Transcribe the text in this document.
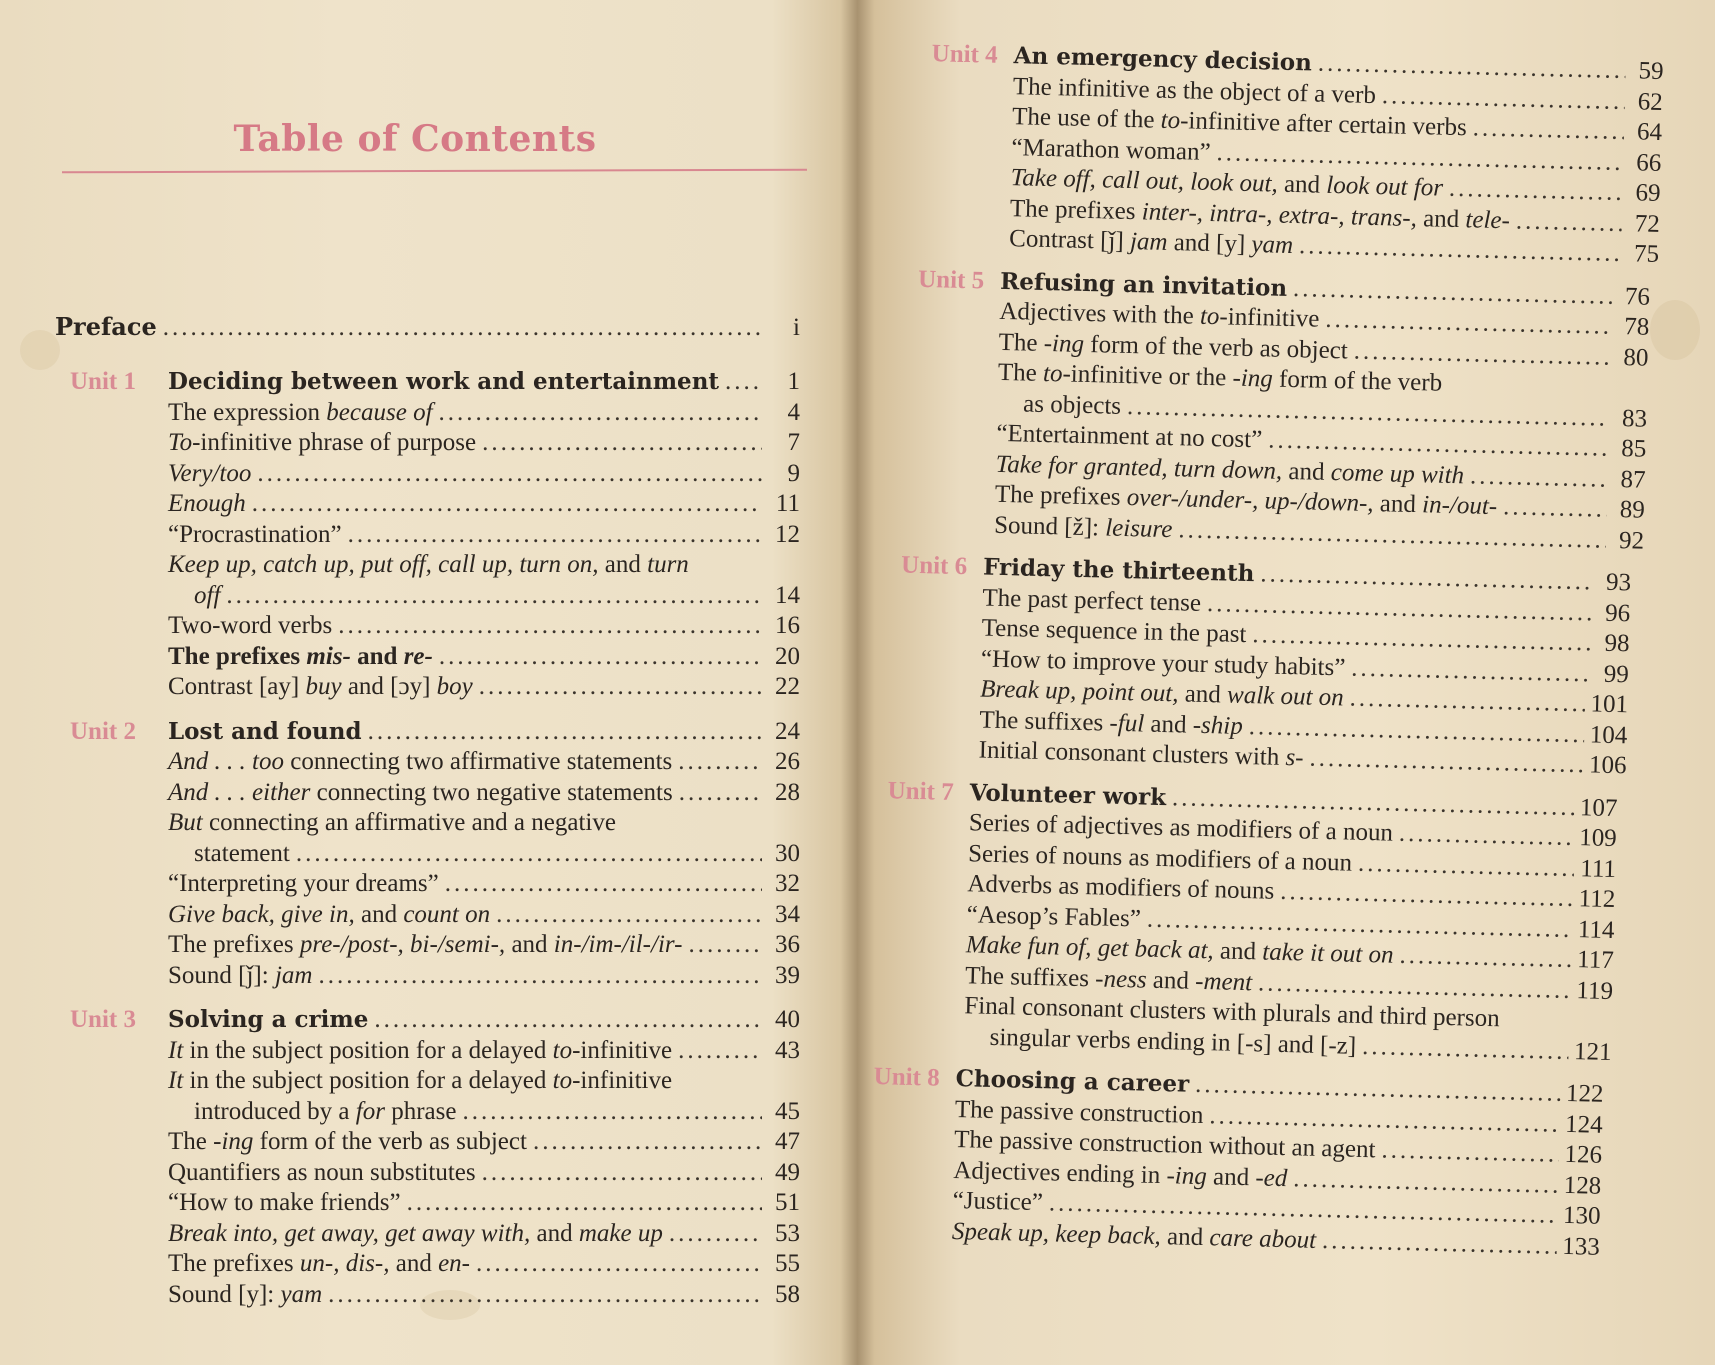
Table of Contents
Preface .....	i
Unit 1 Deciding between work and entertainment .....	1
The expression because of .....	4
To-infinitive phrase of purpose .....	7
Very/too .....	9
Enough .....	11
“Procrastination” .....	12
Keep up, catch up, put off, call up, turn on, and turn
off .....	14
Two-word verbs .....	16
The prefixes mis- and re- .....	20
Contrast [ay] buy and [ɔy] boy .....	22
Unit 2 Lost and found .....	24
And . . . too connecting two affirmative statements .....	26
And . . . either connecting two negative statements .....	28
But connecting an affirmative and a negative
statement .....	30
“Interpreting your dreams” .....	32
Give back, give in, and count on .....	34
The prefixes pre-/post-, bi-/semi-, and in-/im-/il-/ir- .....	36
Sound [ǰ]: jam .....	39
Unit 3 Solving a crime .....	40
It in the subject position for a delayed to-infinitive .....	43
It in the subject position for a delayed to-infinitive
introduced by a for phrase .....	45
The -ing form of the verb as subject .....	47
Quantifiers as noun substitutes .....	49
“How to make friends” .....	51
Break into, get away, get away with, and make up .....	53
The prefixes un-, dis-, and en- .....	55
Sound [y]: yam .....	58
Unit 4 An emergency decision .....	59
The infinitive as the object of a verb .....	62
The use of the to-infinitive after certain verbs .....	64
“Marathon woman” .....	66
Take off, call out, look out, and look out for .....	69
The prefixes inter-, intra-, extra-, trans-, and tele- .....	72
Contrast [ǰ] jam and [y] yam .....	75
Unit 5 Refusing an invitation .....	76
Adjectives with the to-infinitive .....	78
The -ing form of the verb as object .....	80
The to-infinitive or the -ing form of the verb
as objects .....	83
“Entertainment at no cost” .....	85
Take for granted, turn down, and come up with .....	87
The prefixes over-/under-, up-/down-, and in-/out- .....	89
Sound [ž]: leisure .....	92
Unit 6 Friday the thirteenth .....	93
The past perfect tense .....	96
Tense sequence in the past .....	98
“How to improve your study habits” .....	99
Break up, point out, and walk out on .....	101
The suffixes -ful and -ship .....	104
Initial consonant clusters with s- .....	106
Unit 7 Volunteer work .....	107
Series of adjectives as modifiers of a noun .....	109
Series of nouns as modifiers of a noun .....	111
Adverbs as modifiers of nouns .....	112
“Aesop’s Fables” .....	114
Make fun of, get back at, and take it out on .....	117
The suffixes -ness and -ment .....	119
Final consonant clusters with plurals and third person
singular verbs ending in [-s] and [-z] .....	121
Unit 8 Choosing a career .....	122
The passive construction .....	124
The passive construction without an agent .....	126
Adjectives ending in -ing and -ed .....	128
“Justice” .....	130
Speak up, keep back, and care about .....	133
